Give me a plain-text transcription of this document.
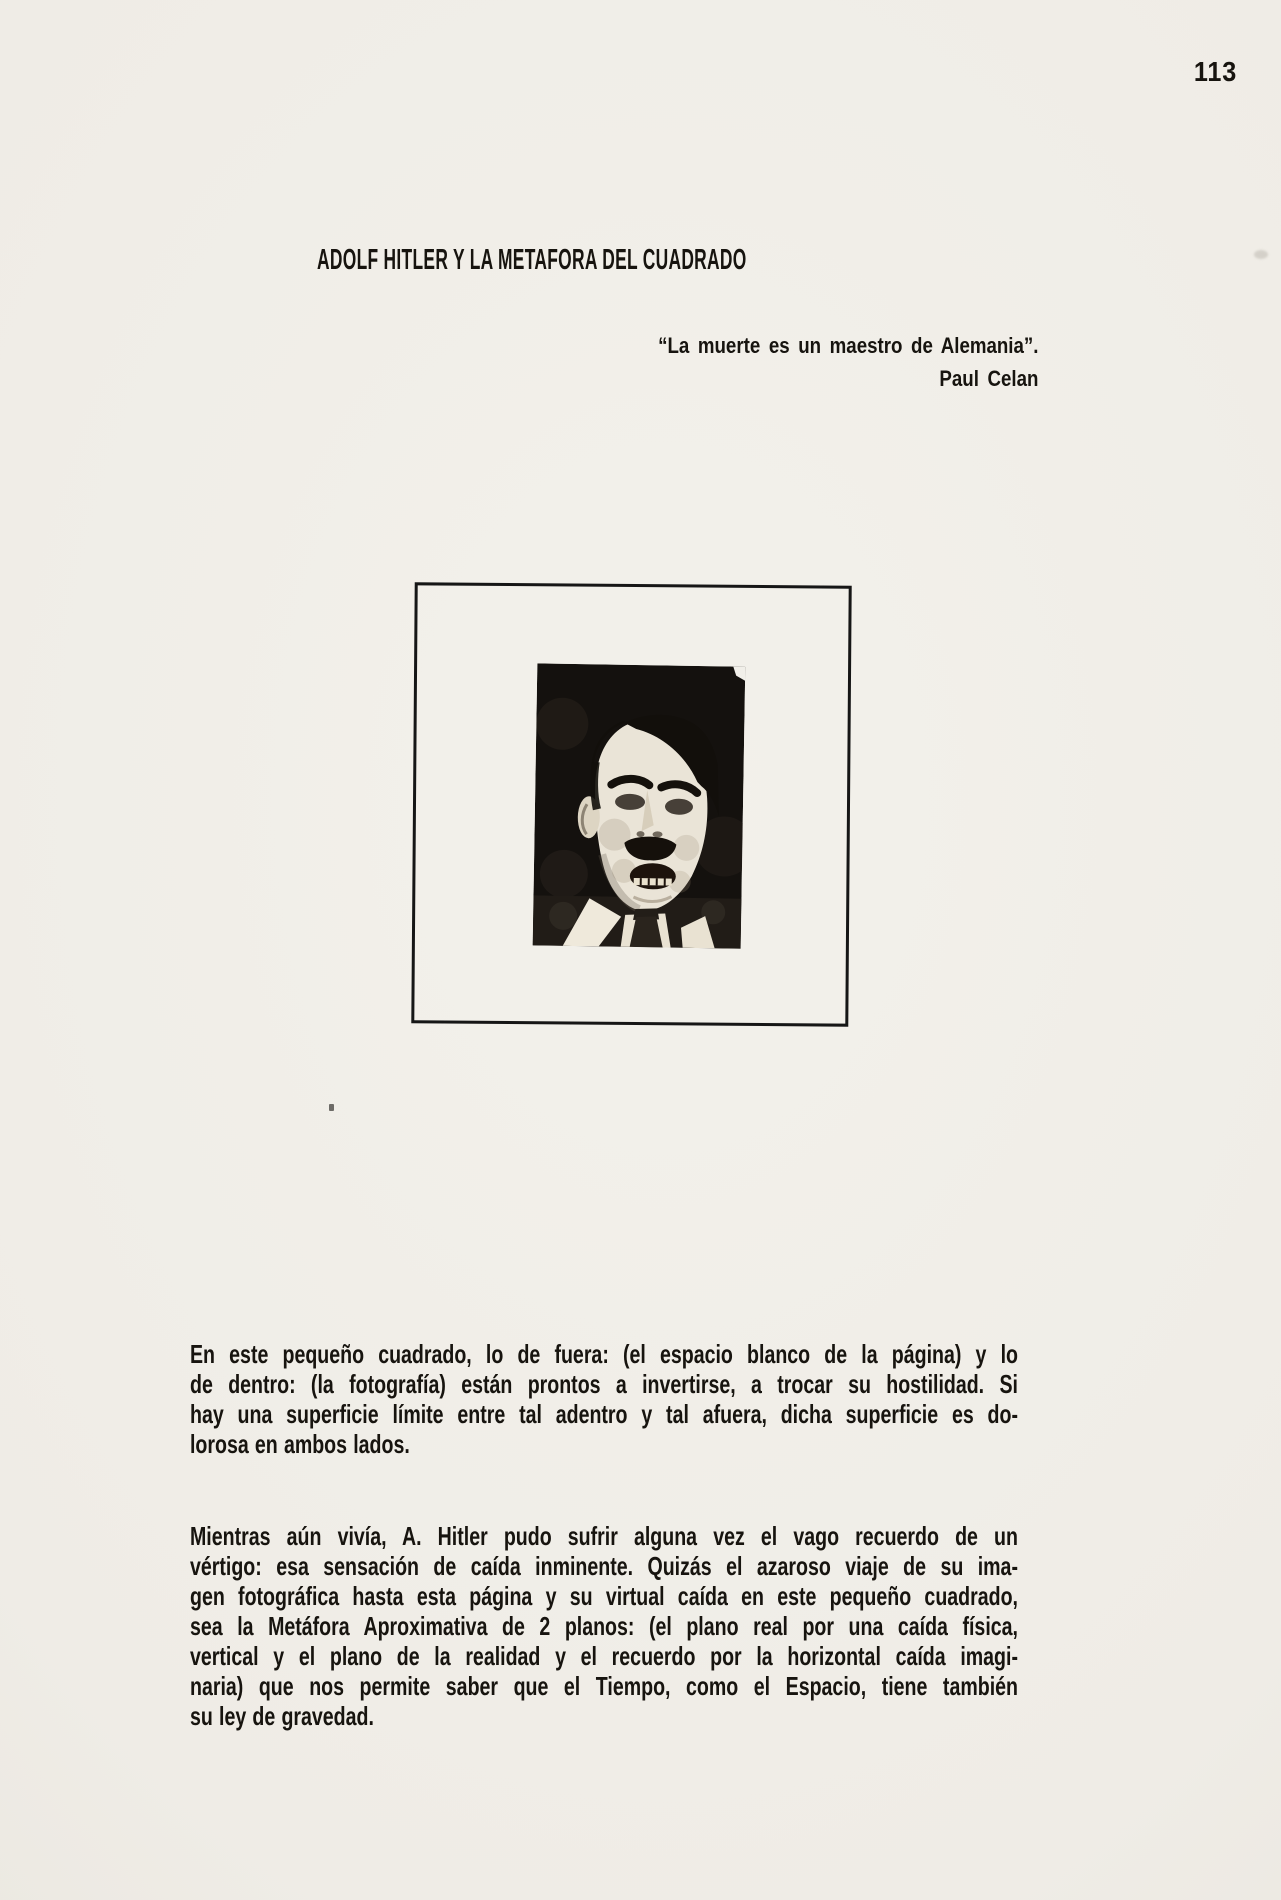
113
ADOLF HITLER Y LA METAFORA DEL CUADRADO
“La muerte es un maestro de Alemania”.
Paul Celan
En este pequeño cuadrado, lo de fuera: (el espacio blanco de la página) y lo
de dentro: (la fotografía) están prontos a invertirse, a trocar su hostilidad. Si
hay una superficie límite entre tal adentro y tal afuera, dicha superficie es do-
lorosa en ambos lados.
Mientras aún vivía, A. Hitler pudo sufrir alguna vez el vago recuerdo de un
vértigo: esa sensación de caída inminente. Quizás el azaroso viaje de su ima-
gen fotográfica hasta esta página y su virtual caída en este pequeño cuadrado,
sea la Metáfora Aproximativa de 2 planos: (el plano real por una caída física,
vertical y el plano de la realidad y el recuerdo por la horizontal caída imagi-
naria) que nos permite saber que el Tiempo, como el Espacio, tiene también
su ley de gravedad.
